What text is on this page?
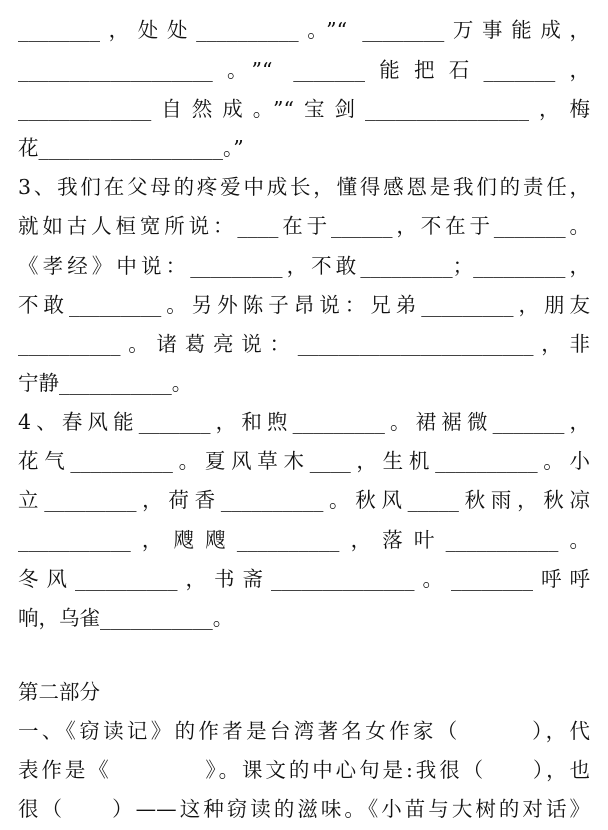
________，处处__________。”“ ________万事能成，
___________________。”“ _______能把石_______，
_____________自然成。”“宝剑________________，梅
花__________________。”
3、我们在父母的疼爱中成长，懂得感恩是我们的责任，
就如古人桓宽所说：____在于______，不在于_______。
《孝经》中说：_________，不敢_________；_________，
不敢_________。另外陈子昂说：兄弟_________，朋友
__________。诸葛亮说：_______________________，非
宁静___________。
4、春风能_______，和煦_________。裙裾微_______，
花气__________。夏风草木____，生机__________。小
立_________，荷香__________。秋风_____秋雨，秋凉
___________，飕飕__________，落叶___________。
冬风__________，书斋______________。________呼呼
响，乌雀___________。
第二部分
一、《窃读记》的作者是台湾著名女作家（　　　），代
表作是《　　　　》。课文的中心句是:我很（　　），也
很（　　）——这种窃读的滋味。《小苗与大树的对话》
